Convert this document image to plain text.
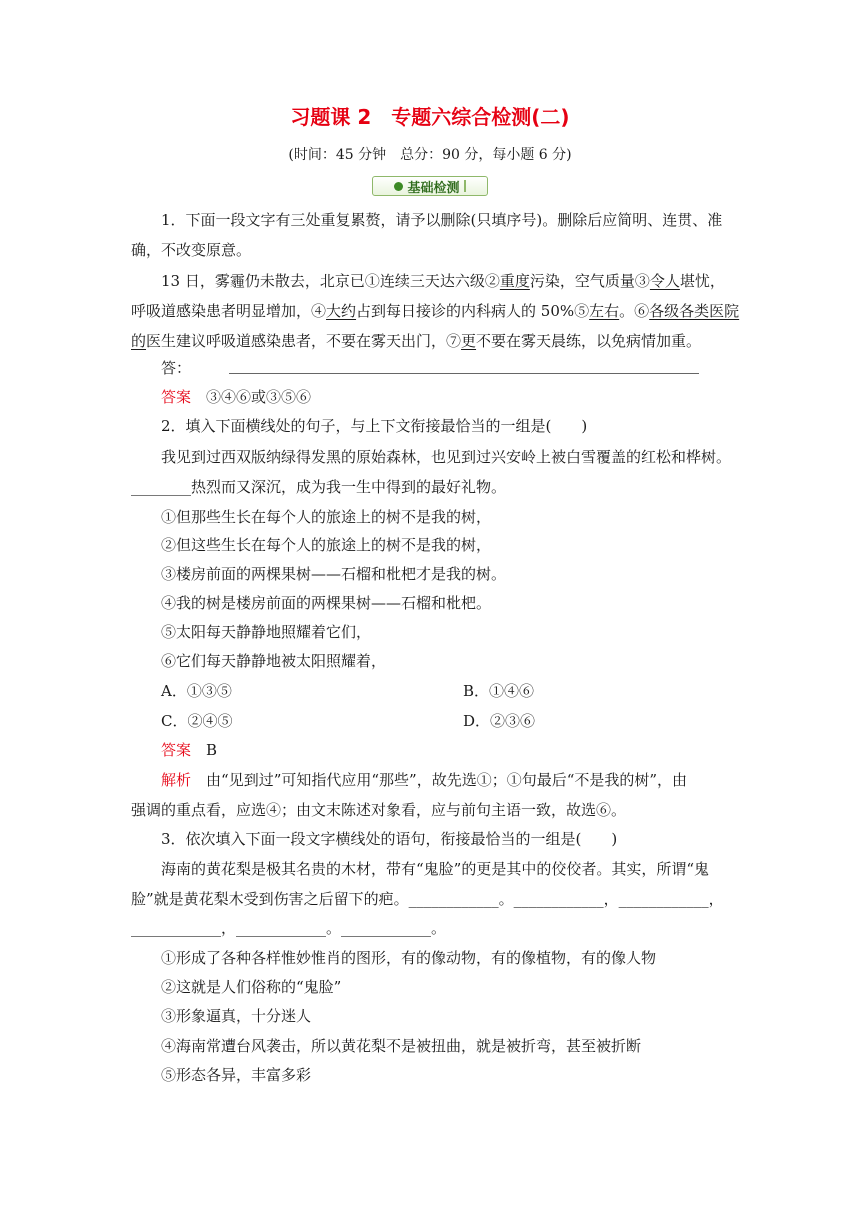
习题课 2　专题六综合检测(二)
(时间：45 分钟　总分：90 分，每小题 6 分)
基础检测
1．下面一段文字有三处重复累赘，请予以删除(只填序号)。删除后应简明、连贯、准
确，不改变原意。
13 日，雾霾仍未散去，北京已①连续三天达六级②重度污染，空气质量③令人堪忧，
呼吸道感染患者明显增加，④大约占到每日接诊的内科病人的 50%⑤左右。⑥各级各类医院
的医生建议呼吸道感染患者，不要在雾天出门，⑦更不要在雾天晨练，以免病情加重。
答：
答案　 ③④⑥或③⑤⑥
2．填入下面横线处的句子，与上下文衔接最恰当的一组是(　　)
我见到过西双版纳绿得发黑的原始森林，也见到过兴安岭上被白雪覆盖的红松和桦树。
________热烈而又深沉，成为我一生中得到的最好礼物。
①但那些生长在每个人的旅途上的树不是我的树，
②但这些生长在每个人的旅途上的树不是我的树，
③楼房前面的两棵果树——石榴和枇杷才是我的树。
④我的树是楼房前面的两棵果树——石榴和枇杷。
⑤太阳每天静静地照耀着它们，
⑥它们每天静静地被太阳照耀着，
A．①③⑤	B．①④⑥
C．②④⑤	D．②③⑥
答案　 B
解析　 由“见到过”可知指代应用“那些”，故先选①；①句最后“不是我的树”，由
强调的重点看，应选④；由文末陈述对象看，应与前句主语一致，故选⑥。
3．依次填入下面一段文字横线处的语句，衔接最恰当的一组是(　　)
海南的黄花梨是极其名贵的木材，带有“鬼脸”的更是其中的佼佼者。其实，所谓“鬼
脸”就是黄花梨木受到伤害之后留下的疤。____________。____________，____________，
____________，____________。____________。
①形成了各种各样惟妙惟肖的图形，有的像动物，有的像植物，有的像人物
②这就是人们俗称的“鬼脸”
③形象逼真，十分迷人
④海南常遭台风袭击，所以黄花梨不是被扭曲，就是被折弯，甚至被折断
⑤形态各异，丰富多彩
